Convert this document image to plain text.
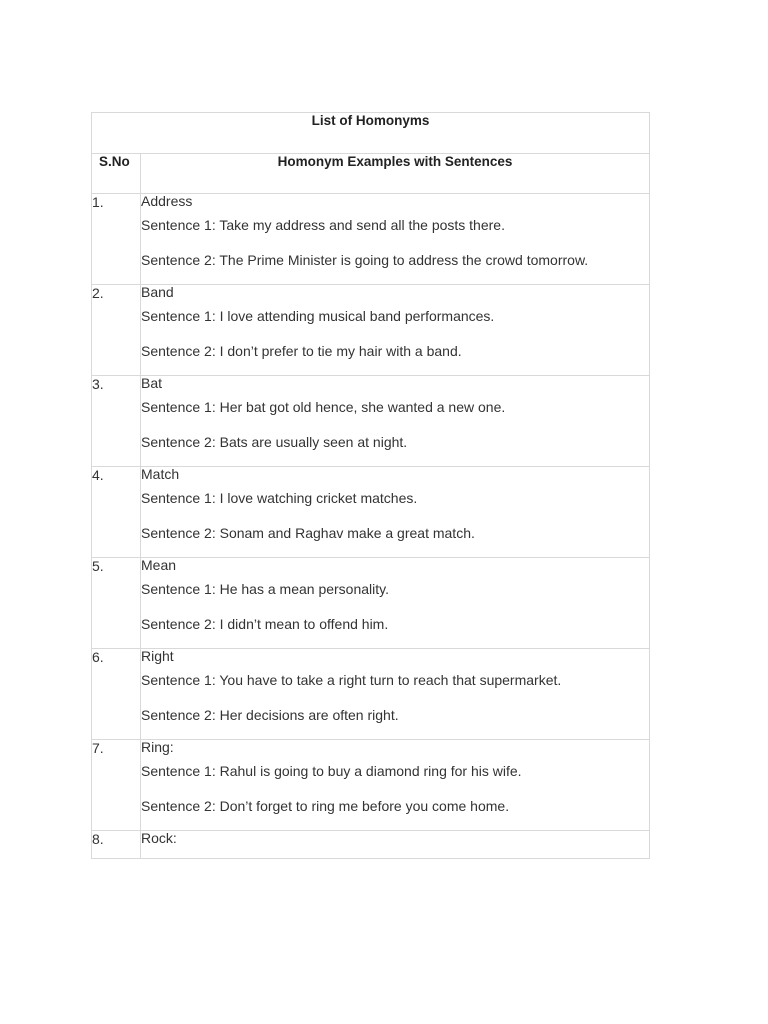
List of Homonyms	
S.No	Homonym Examples with Sentences
1.	Address
Sentence 1: Take my address and send all the posts there.
Sentence 2: The Prime Minister is going to address the crowd tomorrow.

2.	Band
Sentence 1: I love attending musical band performances.
Sentence 2: I don’t prefer to tie my hair with a band.

3.	Bat
Sentence 1: Her bat got old hence, she wanted a new one.
Sentence 2: Bats are usually seen at night.

4.	Match
Sentence 1: I love watching cricket matches.
Sentence 2: Sonam and Raghav make a great match.

5.	Mean
Sentence 1: He has a mean personality.
Sentence 2: I didn’t mean to offend him.

6.	Right
Sentence 1: You have to take a right turn to reach that supermarket.
Sentence 2: Her decisions are often right.

7.	Ring:
Sentence 1: Rahul is going to buy a diamond ring for his wife.
Sentence 2: Don’t forget to ring me before you come home.

8.	Rock:
